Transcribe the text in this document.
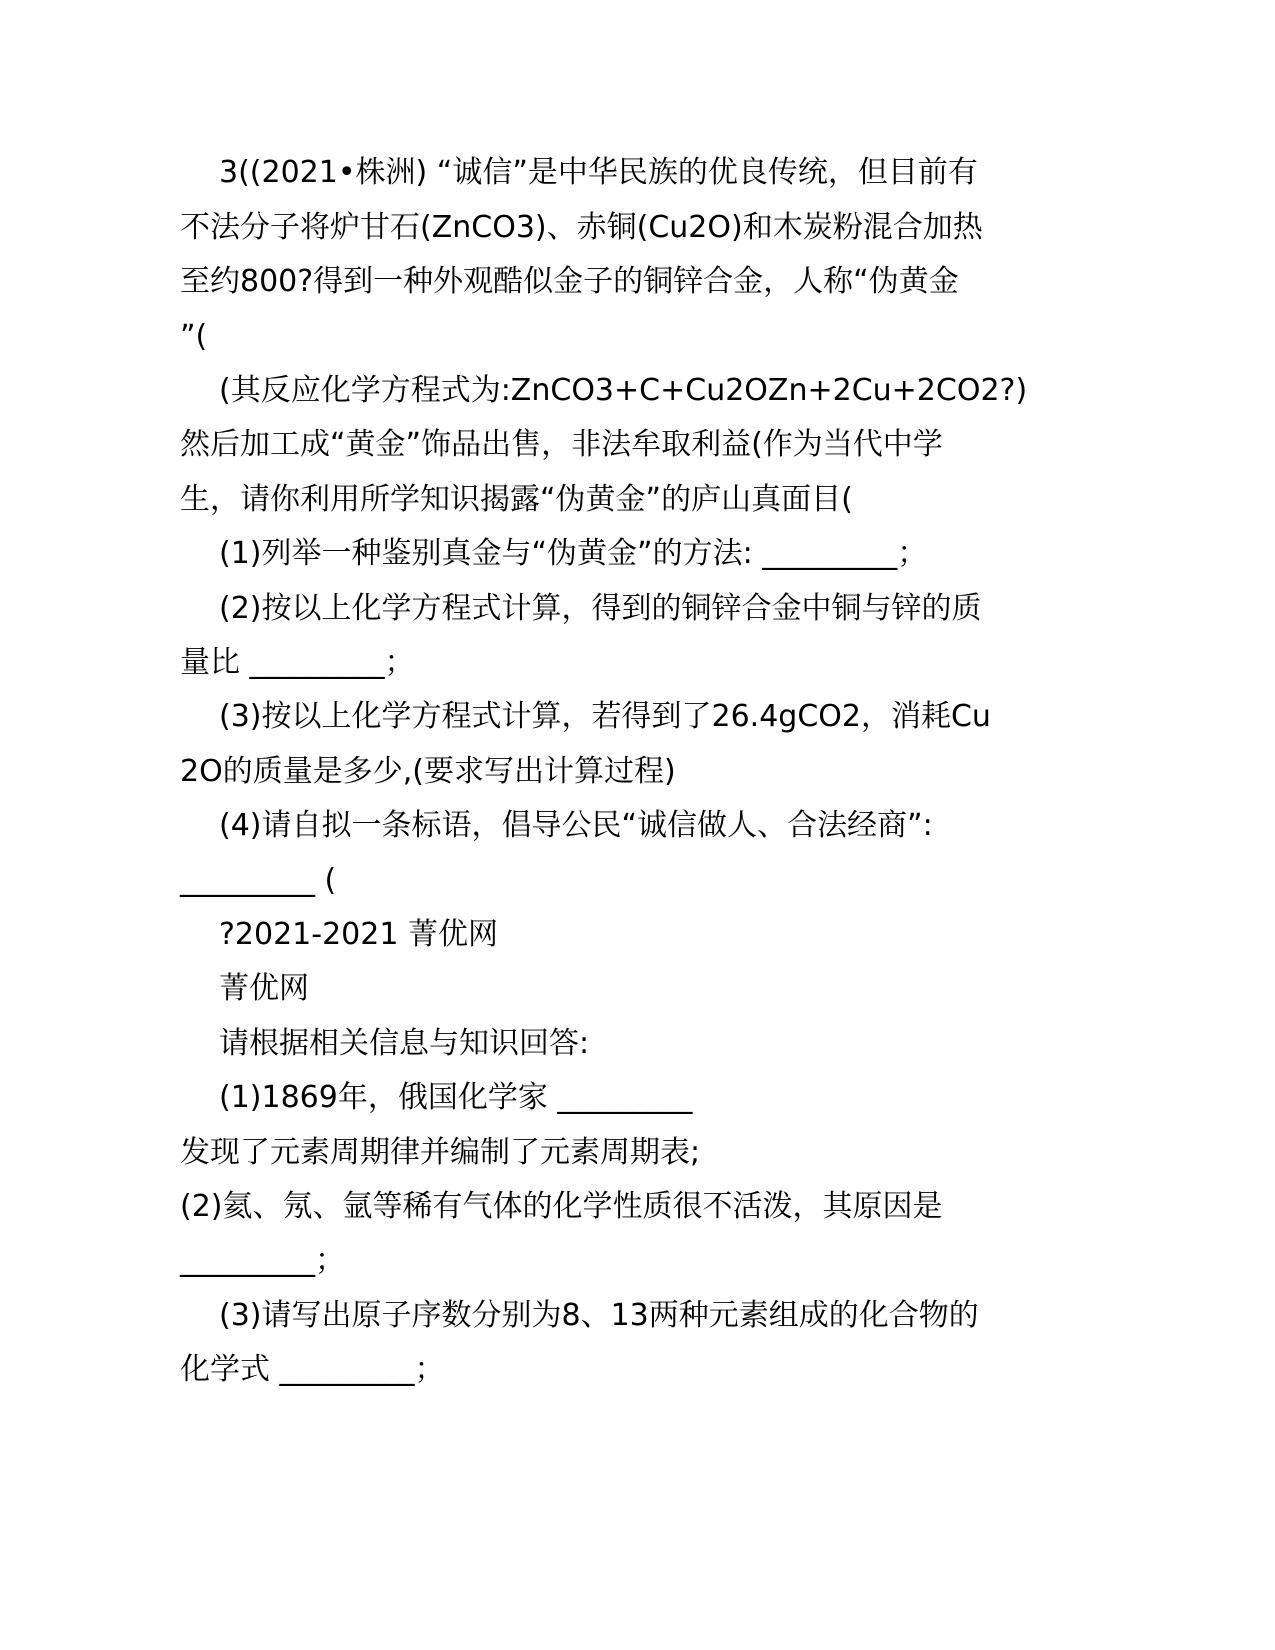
3((2021•株洲) “诚信”是中华民族的优良传统，但目前有
不法分子将炉甘石(ZnCO3)、赤铜(Cu2O)和木炭粉混合加热
至约800?得到一种外观酷似金子的铜锌合金，人称“伪黄金
”(
(其反应化学方程式为:ZnCO3+C+Cu2OZn+2Cu+2CO2?)
然后加工成“黄金”饰品出售，非法牟取利益(作为当代中学
生，请你利用所学知识揭露“伪黄金”的庐山真面目(
(1)列举一种鉴别真金与“伪黄金”的方法: _________；
(2)按以上化学方程式计算，得到的铜锌合金中铜与锌的质
量比 _________；
(3)按以上化学方程式计算，若得到了26.4gCO2，消耗Cu
2O的质量是多少,(要求写出计算过程)
(4)请自拟一条标语，倡导公民“诚信做人、合法经商”:
_________ (
?2021-2021 菁优网
菁优网
请根据相关信息与知识回答:
(1)1869年，俄国化学家 _________
发现了元素周期律并编制了元素周期表;
(2)氦、氖、氩等稀有气体的化学性质很不活泼，其原因是
_________；
(3)请写出原子序数分别为8、13两种元素组成的化合物的
化学式 _________；
